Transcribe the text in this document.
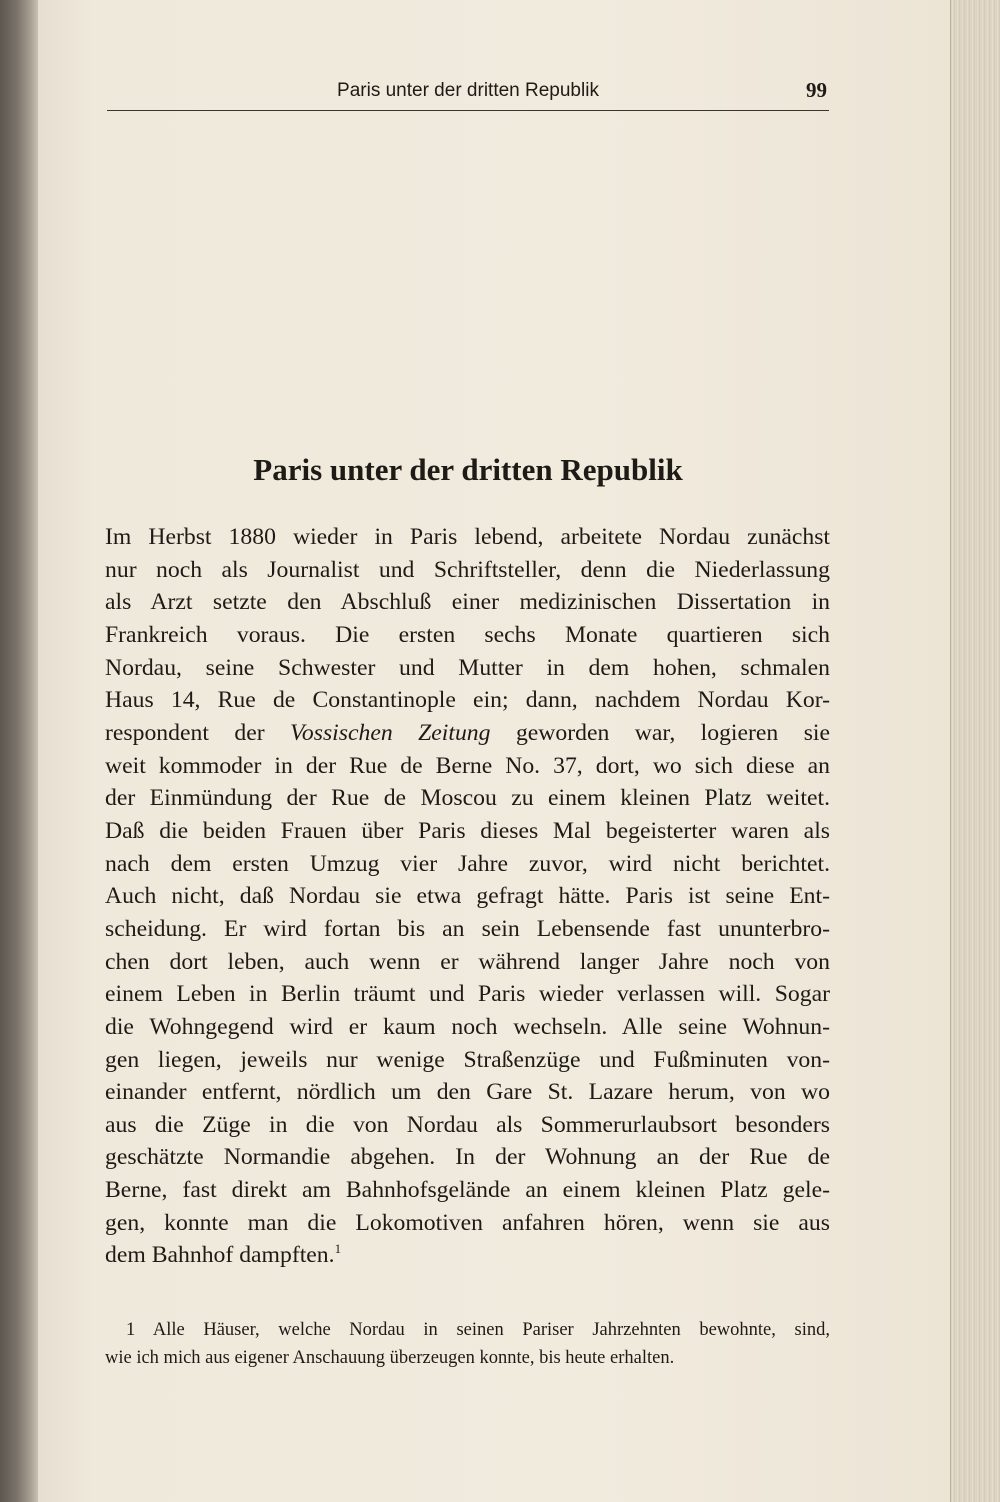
Paris unter der dritten Republik	99
Paris unter der dritten Republik
Im Herbst 1880 wieder in Paris lebend, arbeitete Nordau zunächst
nur noch als Journalist und Schriftsteller, denn die Niederlassung
als Arzt setzte den Abschluß einer medizinischen Dissertation in
Frankreich voraus. Die ersten sechs Monate quartieren sich
Nordau, seine Schwester und Mutter in dem hohen, schmalen
Haus 14, Rue de Constantinople ein; dann, nachdem Nordau Kor-
respondent der Vossischen Zeitung geworden war, logieren sie
weit kommoder in der Rue de Berne No. 37, dort, wo sich diese an
der Einmündung der Rue de Moscou zu einem kleinen Platz weitet.
Daß die beiden Frauen über Paris dieses Mal begeisterter waren als
nach dem ersten Umzug vier Jahre zuvor, wird nicht berichtet.
Auch nicht, daß Nordau sie etwa gefragt hätte. Paris ist seine Ent-
scheidung. Er wird fortan bis an sein Lebensende fast ununterbro-
chen dort leben, auch wenn er während langer Jahre noch von
einem Leben in Berlin träumt und Paris wieder verlassen will. Sogar
die Wohngegend wird er kaum noch wechseln. Alle seine Wohnun-
gen liegen, jeweils nur wenige Straßenzüge und Fußminuten von-
einander entfernt, nördlich um den Gare St. Lazare herum, von wo
aus die Züge in die von Nordau als Sommerurlaubsort besonders
geschätzte Normandie abgehen. In der Wohnung an der Rue de
Berne, fast direkt am Bahnhofsgelände an einem kleinen Platz gele-
gen, konnte man die Lokomotiven anfahren hören, wenn sie aus
dem Bahnhof dampften.$^1$
1 Alle Häuser, welche Nordau in seinen Pariser Jahrzehnten bewohnte, sind,
wie ich mich aus eigener Anschauung überzeugen konnte, bis heute erhalten.
